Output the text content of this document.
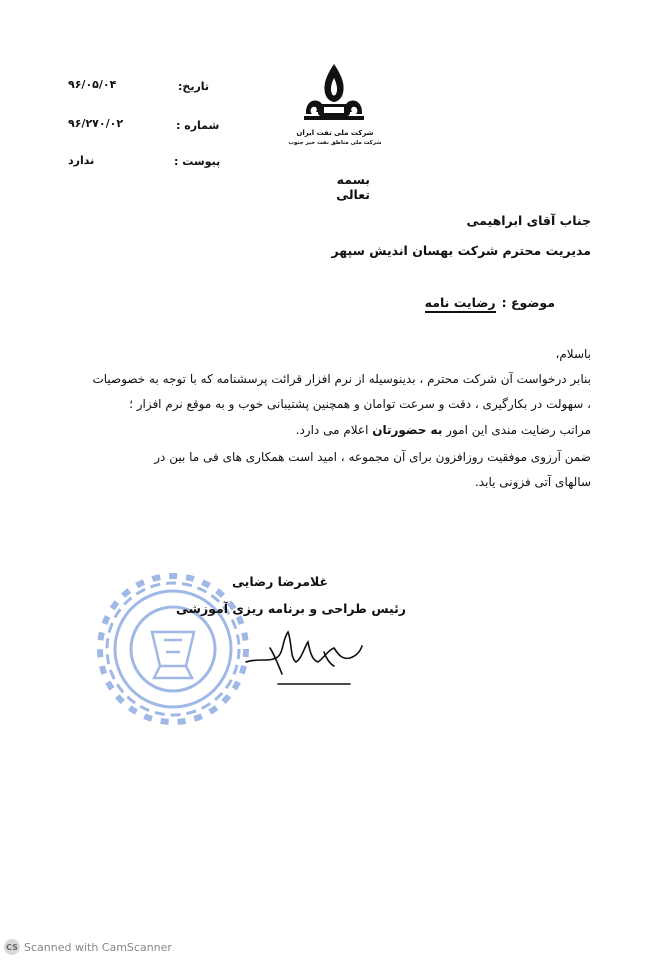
تاریخ:
۹۶/۰۵/۰۴
شماره :
۹۶/۲۷۰/۰۲
پیوست :
ندارد
شرکت ملی نفت ایران
شرکت ملی مناطق نفت خیز جنوب
بسمه تعالی
جناب آقای ابراهیمی
مدیریت محترم شرکت بهسان اندیش سپهر
موضوع :
رضایت نامه
باسلام،
بنابر درخواست آن شرکت محترم ، بدینوسیله از نرم افزار قرائت پرسشنامه که با توجه به خصوصیات
، سهولت در بکارگیری ، دقت و سرعت توامان و همچنین پشتیبانی خوب و به موقع نرم افزار ؛
مراتب رضایت مندی این امور به حضورتان اعلام می دارد.
ضمن آرزوی موفقیت روزافزون برای آن مجموعه ، امید است همکاری های فی ما بین در
سالهای آتی فزونی یابد.
غلامرضا رضایی
رئیس طراحی و برنامه ریزی آموزشی
CS Scanned with CamScanner
